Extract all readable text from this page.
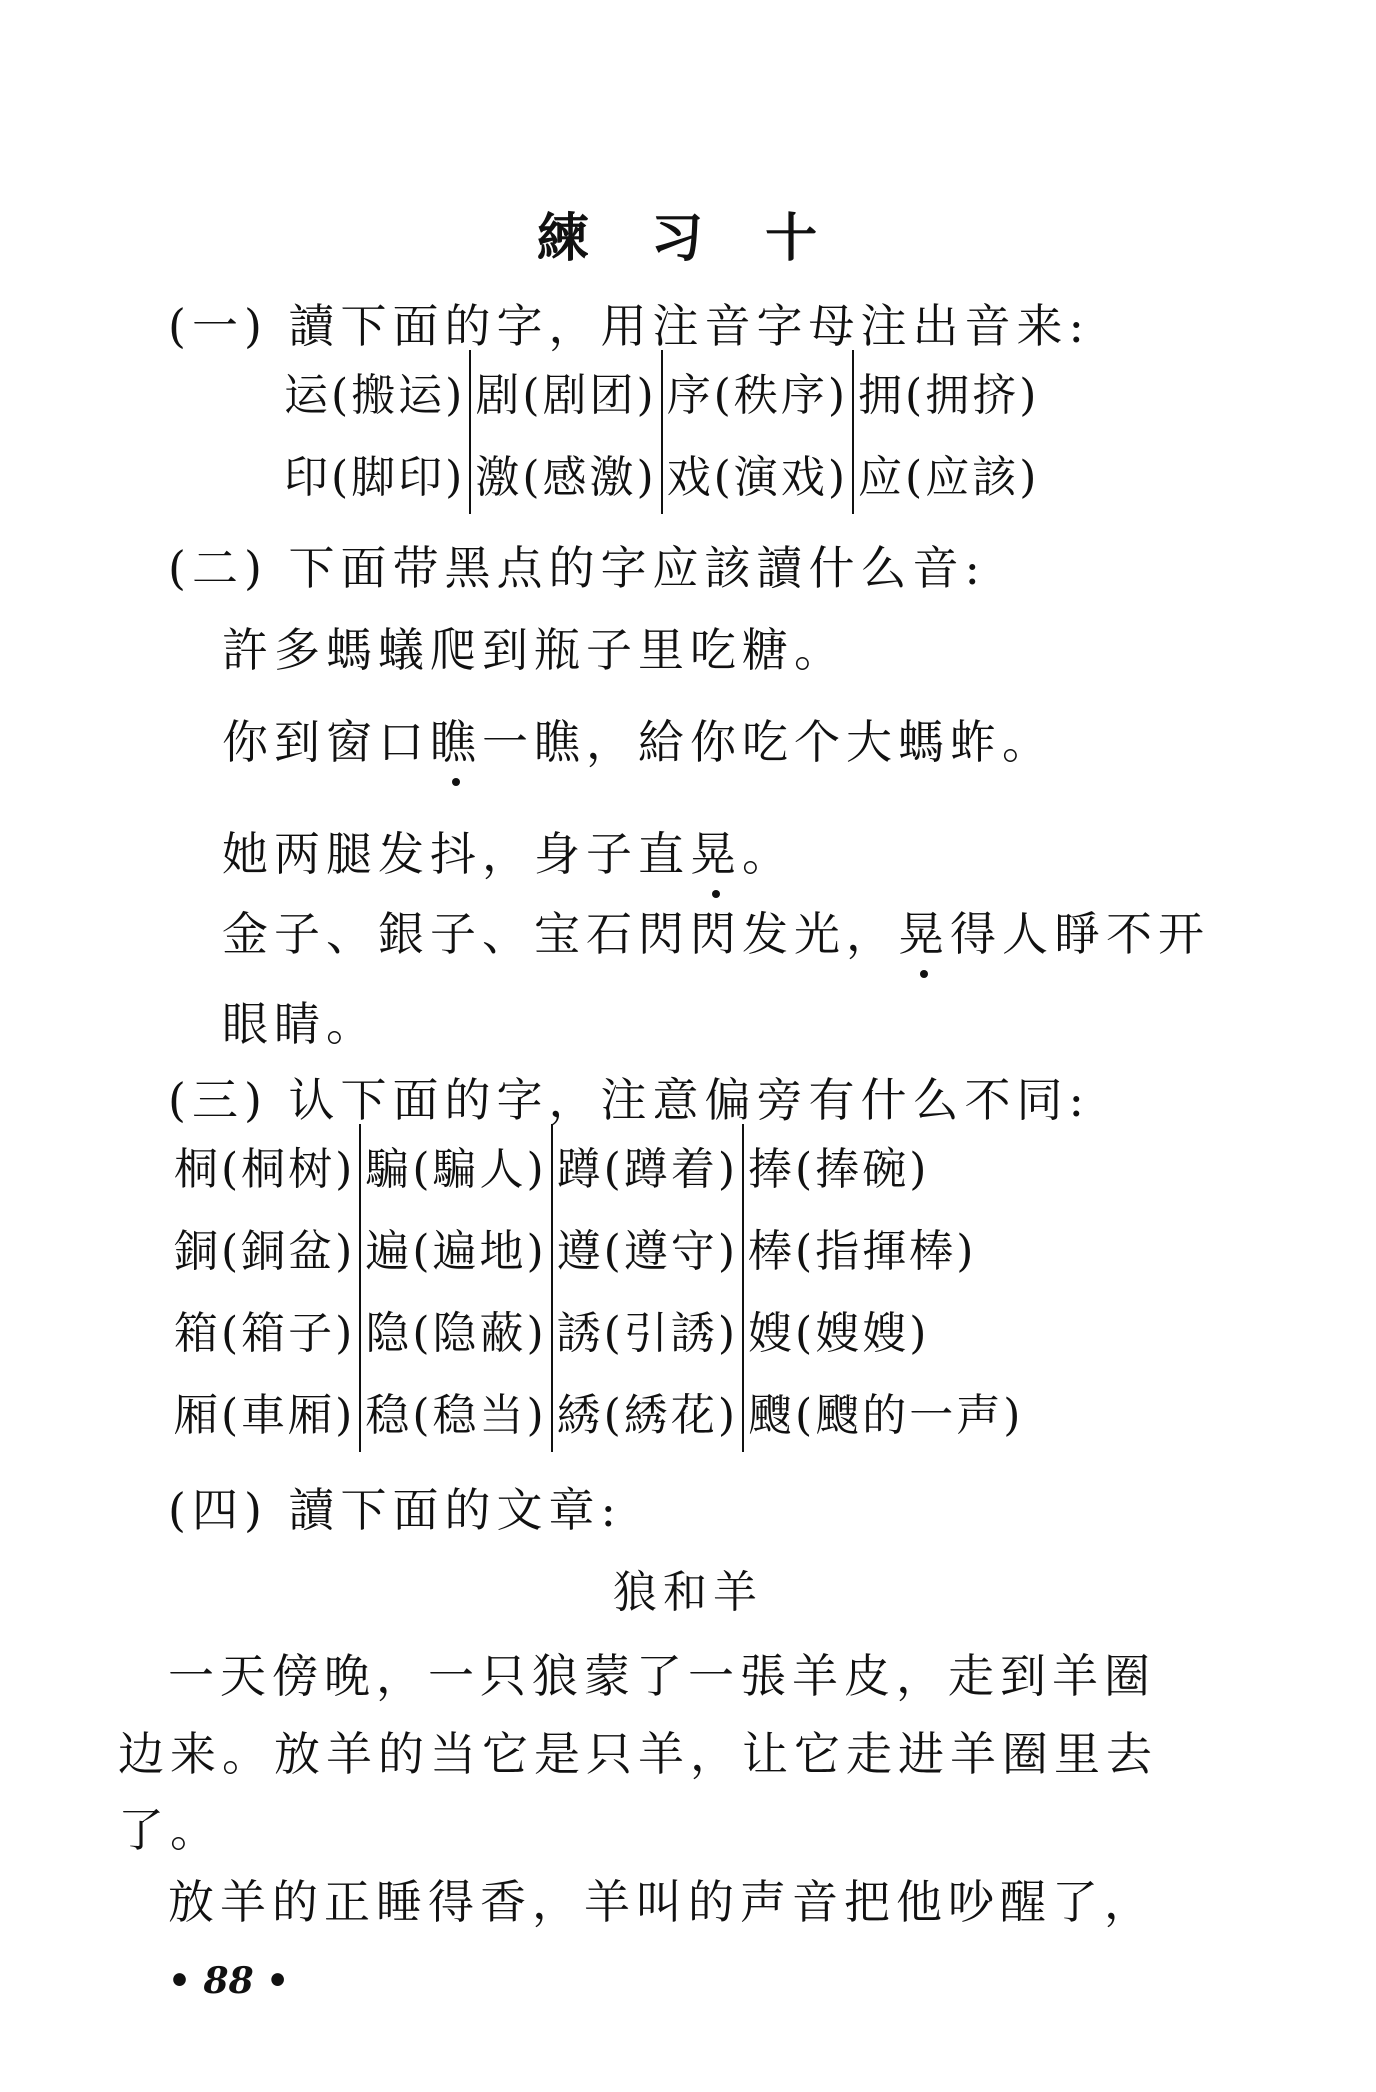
練 习 十
(一) 讀下面的字，用注音字母注出音来:
运(搬运) 剧(剧团) 序(秩序) 拥(拥挤)
印(脚印) 激(感激) 戏(演戏) 应(应該)
(二) 下面带黑点的字应該讀什么音:
許多螞蟻爬到瓶子里吃糖。
你到窗口瞧一瞧，給你吃个大螞蚱。
她两腿发抖，身子直晃。
金子、銀子、宝石閃閃发光，晃得人睜不开
眼睛。
(三) 认下面的字，注意偏旁有什么不同:
桐(桐树) 騙(騙人) 蹲(蹲着) 捧(捧碗)
銅(銅盆) 遍(遍地) 遵(遵守) 棒(指揮棒)
箱(箱子) 隐(隐蔽) 誘(引誘) 嫂(嫂嫂)
厢(車厢) 稳(稳当) 綉(綉花) 颼(颼的一声)
(四) 讀下面的文章:
狼和羊
一天傍晚，一只狼蒙了一張羊皮，走到羊圈
边来。放羊的当它是只羊，让它走进羊圈里去
了。
放羊的正睡得香，羊叫的声音把他吵醒了，
• 88 •
